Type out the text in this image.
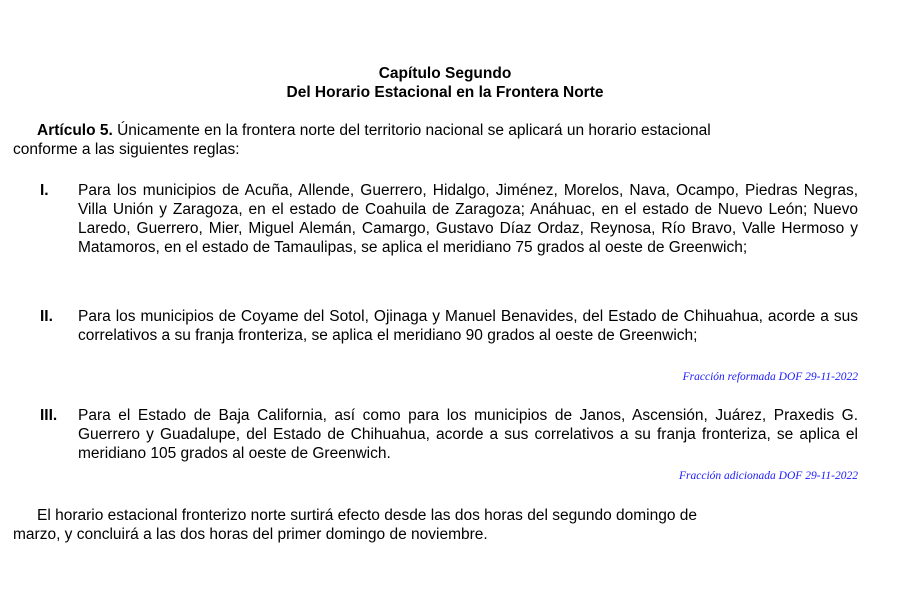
Capítulo Segundo
Del Horario Estacional en la Frontera Norte

Artículo 5. Únicamente en la frontera norte del territorio nacional se aplicará un horario estacional
conforme a las siguientes reglas:

I. Para los municipios de Acuña, Allende, Guerrero, Hidalgo, Jiménez, Morelos, Nava, Ocampo, Piedras Negras, Villa Unión y Zaragoza, en el estado de Coahuila de Zaragoza; Anáhuac, en el estado de Nuevo León; Nuevo Laredo, Guerrero, Mier, Miguel Alemán, Camargo, Gustavo Díaz Ordaz, Reynosa, Río Bravo, Valle Hermoso y Matamoros, en el estado de Tamaulipas, se aplica el meridiano 75 grados al oeste de Greenwich;

II. Para los municipios de Coyame del Sotol, Ojinaga y Manuel Benavides, del Estado de Chihuahua, acorde a sus correlativos a su franja fronteriza, se aplica el meridiano 90 grados al oeste de Greenwich;

Fracción reformada DOF 29-11-2022

III. Para el Estado de Baja California, así como para los municipios de Janos, Ascensión, Juárez, Praxedis G. Guerrero y Guadalupe, del Estado de Chihuahua, acorde a sus correlativos a su franja fronteriza, se aplica el meridiano 105 grados al oeste de Greenwich.

Fracción adicionada DOF 29-11-2022

El horario estacional fronterizo norte surtirá efecto desde las dos horas del segundo domingo de
marzo, y concluirá a las dos horas del primer domingo de noviembre.
